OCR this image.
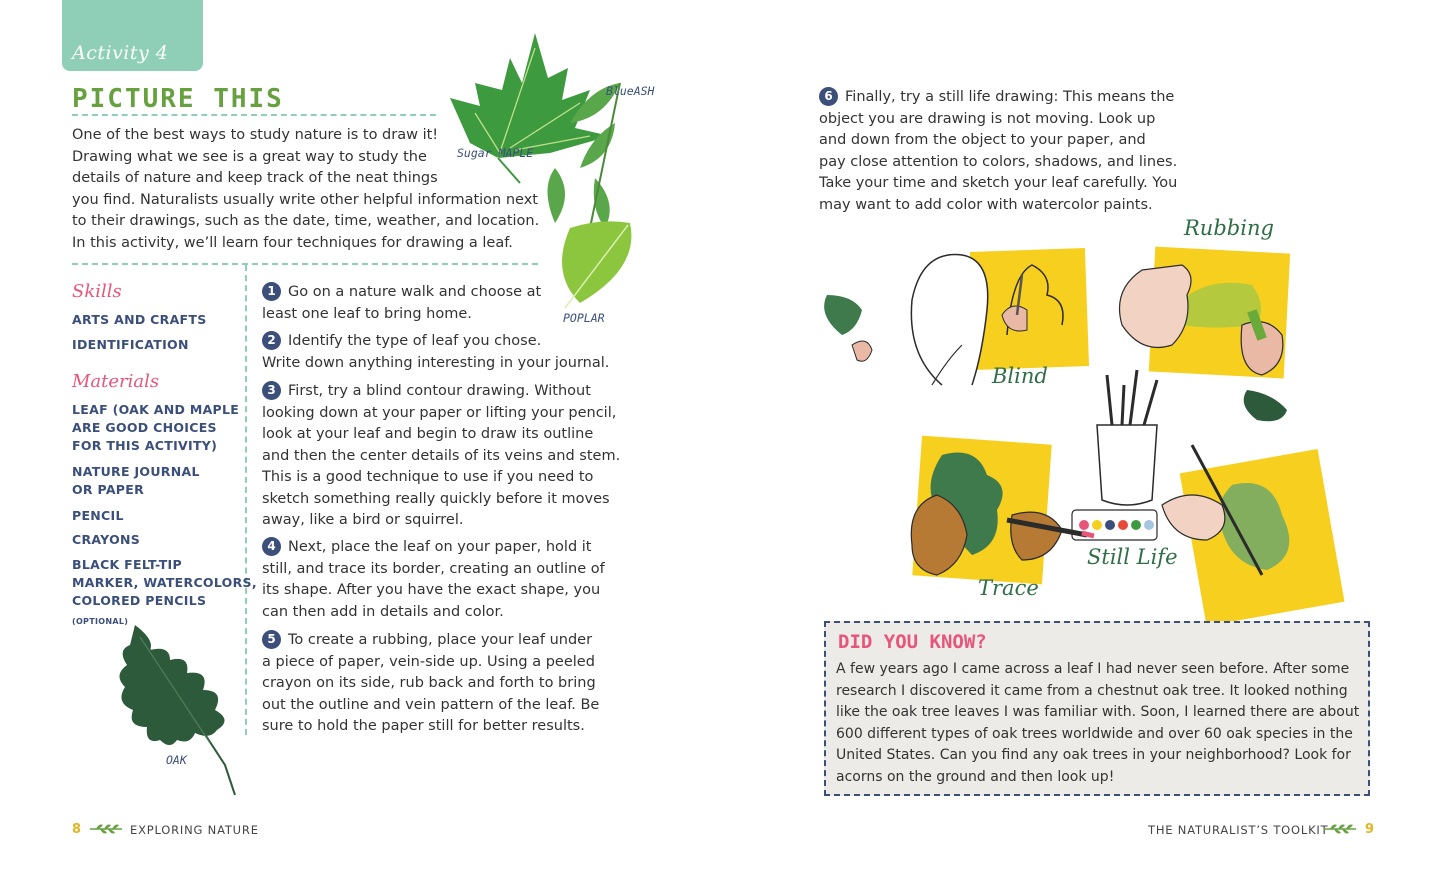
Activity 4
PICTURE THIS
One of the best ways to study nature is to draw it!
Drawing what we see is a great way to study the
details of nature and keep track of the neat things
you find. Naturalists usually write other helpful information next
to their drawings, such as the date, time, weather, and location.
In this activity, we’ll learn four techniques for drawing a leaf.
BlueASH
Sugar MAPLE
POPLAR
Skills
ARTS AND CRAFTS
IDENTIFICATION
Materials
LEAF (OAK AND MAPLE
ARE GOOD CHOICES
FOR THIS ACTIVITY)
NATURE JOURNAL
OR PAPER
PENCIL
CRAYONS
BLACK FELT-TIP
MARKER, WATERCOLORS,
COLORED PENCILS
(OPTIONAL)
OAK
1 Go on a nature walk and choose at
least one leaf to bring home.
2 Identify the type of leaf you chose.
Write down anything interesting in your journal.
3 First, try a blind contour drawing. Without
looking down at your paper or lifting your pencil,
look at your leaf and begin to draw its outline
and then the center details of its veins and stem.
This is a good technique to use if you need to
sketch something really quickly before it moves
away, like a bird or squirrel.
4 Next, place the leaf on your paper, hold it
still, and trace its border, creating an outline of
its shape. After you have the exact shape, you
can then add in details and color.
5 To create a rubbing, place your leaf under
a piece of paper, vein-side up. Using a peeled
crayon on its side, rub back and forth to bring
out the outline and vein pattern of the leaf. Be
sure to hold the paper still for better results.
8	EXPLORING NATURE
6 Finally, try a still life drawing: This means the
object you are drawing is not moving. Look up
and down from the object to your paper, and
pay close attention to colors, shadows, and lines.
Take your time and sketch your leaf carefully. You
may want to add color with watercolor paints.
Rubbing
Blind
Still Life
Trace
DID YOU KNOW?
A few years ago I came across a leaf I had never seen before. After some
research I discovered it came from a chestnut oak tree. It looked nothing
like the oak tree leaves I was familiar with. Soon, I learned there are about
600 different types of oak trees worldwide and over 60 oak species in the
United States. Can you find any oak trees in your neighborhood? Look for
acorns on the ground and then look up!
THE NATURALIST’S TOOLKIT	9
